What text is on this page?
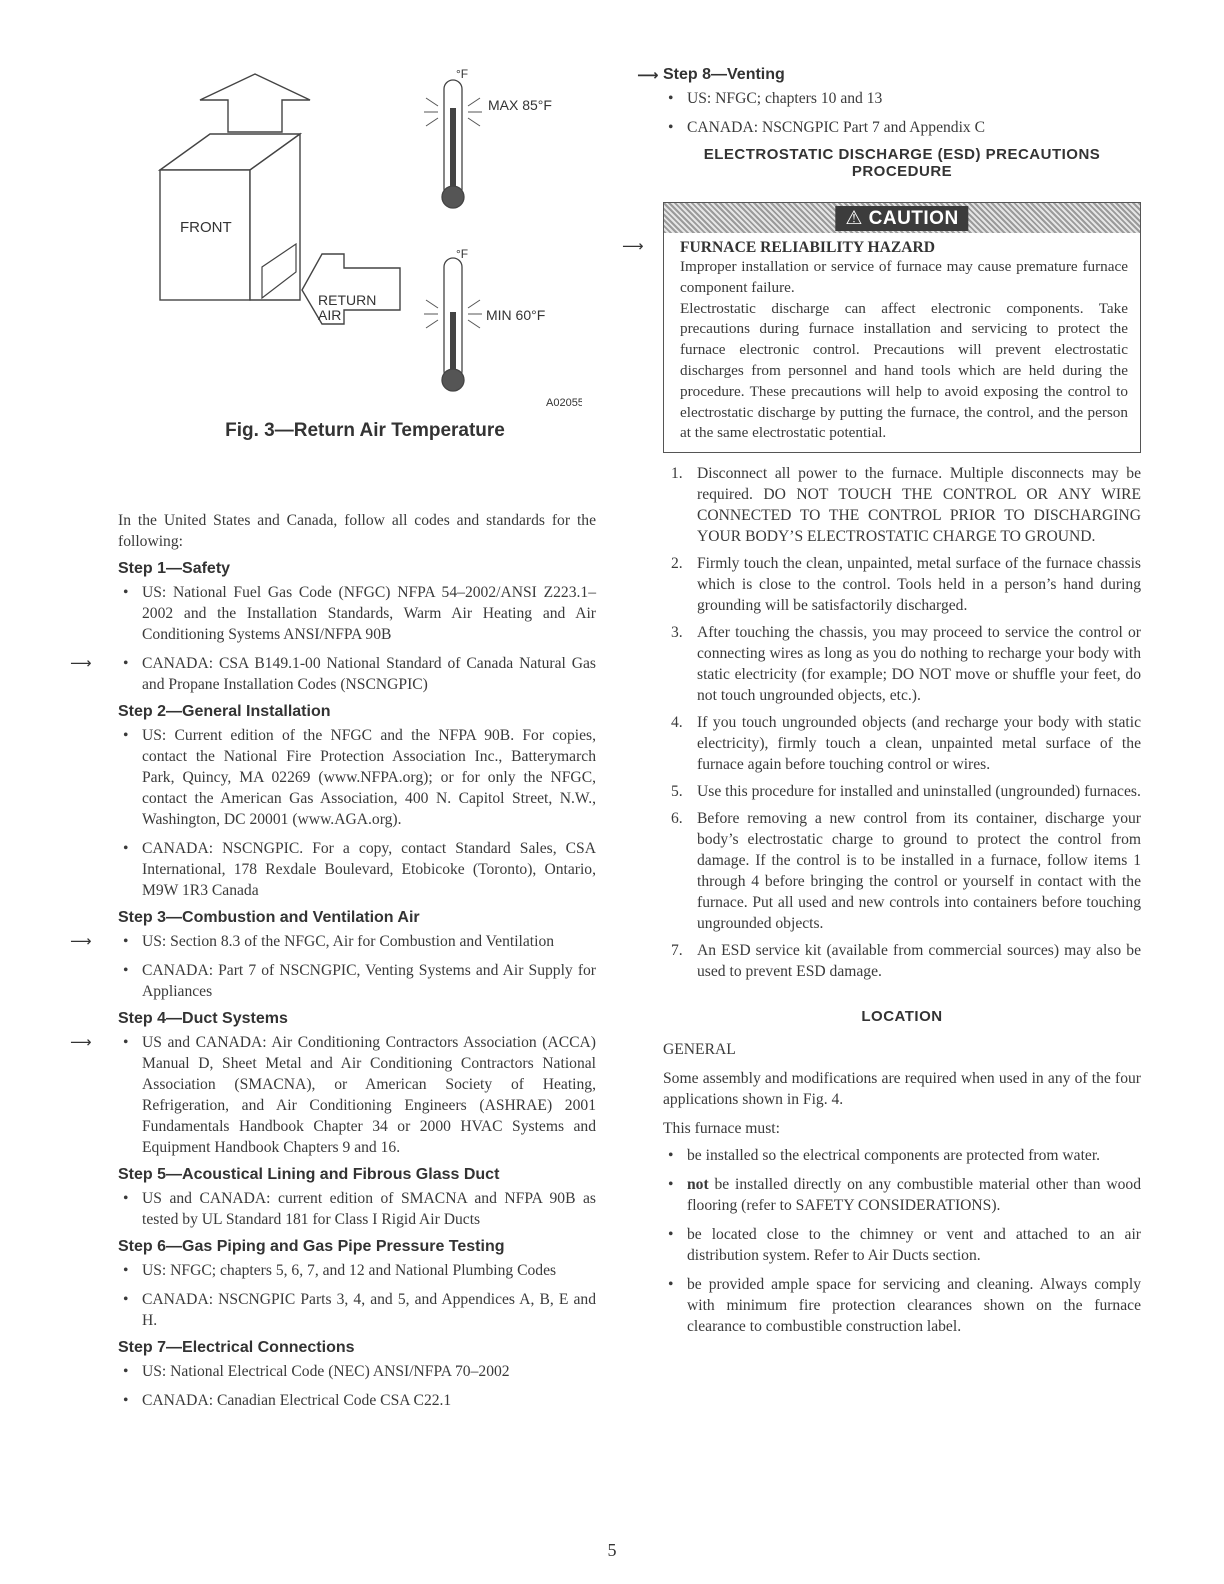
FRONT
RETURN
AIR
°F
MAX 85°F
°F
MIN 60°F
A02055
Fig. 3—Return Air Temperature

In the United States and Canada, follow all codes and standards for the following:

Step 1—Safety
• US: National Fuel Gas Code (NFGC) NFPA 54–2002/ANSI Z223.1–2002 and the Installation Standards, Warm Air Heating and Air Conditioning Systems ANSI/NFPA 90B
⟶ • CANADA: CSA B149.1-00 National Standard of Canada Natural Gas and Propane Installation Codes (NSCNGPIC)
Step 2—General Installation
• US: Current edition of the NFGC and the NFPA 90B. For copies, contact the National Fire Protection Association Inc., Batterymarch Park, Quincy, MA 02269 (www.NFPA.org); or for only the NFGC, contact the American Gas Association, 400 N. Capitol Street, N.W., Washington, DC 20001 (www.AGA.org).
• CANADA: NSCNGPIC. For a copy, contact Standard Sales, CSA International, 178 Rexdale Boulevard, Etobicoke (Toronto), Ontario, M9W 1R3 Canada
Step 3—Combustion and Ventilation Air
⟶ • US: Section 8.3 of the NFGC, Air for Combustion and Ventilation
• CANADA: Part 7 of NSCNGPIC, Venting Systems and Air Supply for Appliances
Step 4—Duct Systems
⟶ • US and CANADA: Air Conditioning Contractors Association (ACCA) Manual D, Sheet Metal and Air Conditioning Contractors National Association (SMACNA), or American Society of Heating, Refrigeration, and Air Conditioning Engineers (ASHRAE) 2001 Fundamentals Handbook Chapter 34 or 2000 HVAC Systems and Equipment Handbook Chapters 9 and 16.
Step 5—Acoustical Lining and Fibrous Glass Duct
• US and CANADA: current edition of SMACNA and NFPA 90B as tested by UL Standard 181 for Class I Rigid Air Ducts
Step 6—Gas Piping and Gas Pipe Pressure Testing
• US: NFGC; chapters 5, 6, 7, and 12 and National Plumbing Codes
• CANADA: NSCNGPIC Parts 3, 4, and 5, and Appendices A, B, E and H.
Step 7—Electrical Connections
• US: National Electrical Code (NEC) ANSI/NFPA 70–2002
• CANADA: Canadian Electrical Code CSA C22.1
⟶ Step 8—Venting
• US: NFGC; chapters 10 and 13
• CANADA: NSCNGPIC Part 7 and Appendix C
ELECTROSTATIC DISCHARGE (ESD) PRECAUTIONS PROCEDURE
⚠ CAUTION
⟶ FURNACE RELIABILITY HAZARD

Improper installation or service of furnace may cause premature furnace component failure.

Electrostatic discharge can affect electronic components. Take precautions during furnace installation and servicing to protect the furnace electronic control. Precautions will prevent electrostatic discharges from personnel and hand tools which are held during the procedure. These precautions will help to avoid exposing the control to electrostatic discharge by putting the furnace, the control, and the person at the same electrostatic potential.

1. Disconnect all power to the furnace. Multiple disconnects may be required. DO NOT TOUCH THE CONTROL OR ANY WIRE CONNECTED TO THE CONTROL PRIOR TO DISCHARGING YOUR BODY’S ELECTROSTATIC CHARGE TO GROUND.
2. Firmly touch the clean, unpainted, metal surface of the furnace chassis which is close to the control. Tools held in a person’s hand during grounding will be satisfactorily discharged.
3. After touching the chassis, you may proceed to service the control or connecting wires as long as you do nothing to recharge your body with static electricity (for example; DO NOT move or shuffle your feet, do not touch ungrounded objects, etc.).
4. If you touch ungrounded objects (and recharge your body with static electricity), firmly touch a clean, unpainted metal surface of the furnace again before touching control or wires.
5. Use this procedure for installed and uninstalled (ungrounded) furnaces.
6. Before removing a new control from its container, discharge your body’s electrostatic charge to ground to protect the control from damage. If the control is to be installed in a furnace, follow items 1 through 4 before bringing the control or yourself in contact with the furnace. Put all used and new controls into containers before touching ungrounded objects.
7. An ESD service kit (available from commercial sources) may also be used to prevent ESD damage.
LOCATION

GENERAL

Some assembly and modifications are required when used in any of the four applications shown in Fig. 4.

This furnace must:

• be installed so the electrical components are protected from water.
• not be installed directly on any combustible material other than wood flooring (refer to SAFETY CONSIDERATIONS).
• be located close to the chimney or vent and attached to an air distribution system. Refer to Air Ducts section.
• be provided ample space for servicing and cleaning. Always comply with minimum fire protection clearances shown on the furnace clearance to combustible construction label.
5
